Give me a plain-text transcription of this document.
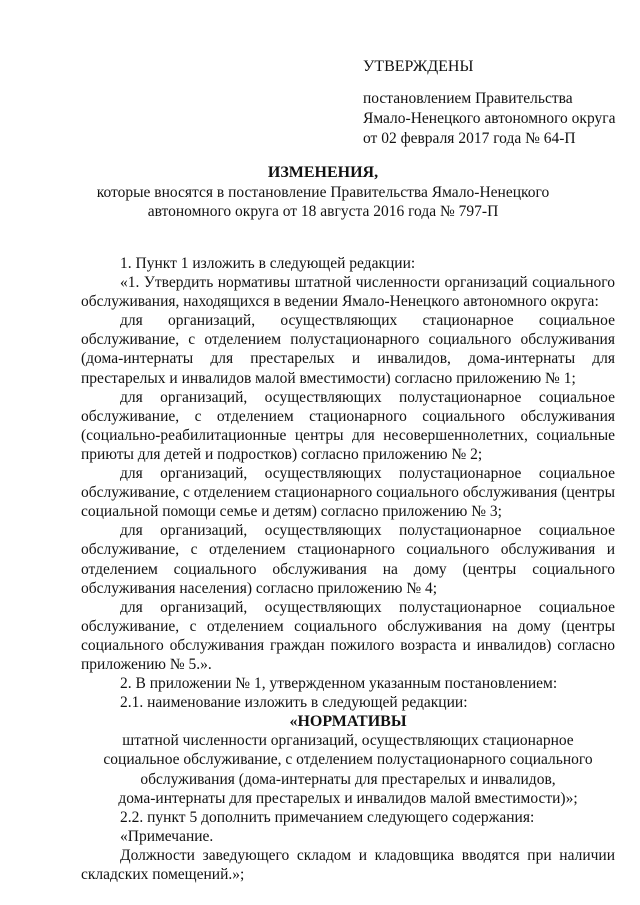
УТВЕРЖДЕНЫ
постановлением Правительства
Ямало-Ненецкого автономного округа
от 02 февраля 2017 года № 64-П
ИЗМЕНЕНИЯ,
которые вносятся в постановление Правительства Ямало-Ненецкого
автономного округа от 18 августа 2016 года № 797-П
1. Пункт 1 изложить в следующей редакции:
«1. Утвердить нормативы штатной численности организаций социального обслуживания, находящихся в ведении Ямало-Ненецкого автономного округа:
для организаций, осуществляющих стационарное социальное обслуживание, с отделением полустационарного социального обслуживания (дома-интернаты для престарелых и инвалидов, дома-интернаты для престарелых и инвалидов малой вместимости) согласно приложению № 1;
для организаций, осуществляющих полустационарное социальное обслуживание, с отделением стационарного социального обслуживания (социально-реабилитационные центры для несовершеннолетних, социальные приюты для детей и подростков) согласно приложению № 2;
для организаций, осуществляющих полустационарное социальное обслуживание, с отделением стационарного социального обслуживания (центры социальной помощи семье и детям) согласно приложению № 3;
для организаций, осуществляющих полустационарное социальное обслуживание, с отделением стационарного социального обслуживания и отделением социального обслуживания на дому (центры социального обслуживания населения) согласно приложению № 4;
для организаций, осуществляющих полустационарное социальное обслуживание, с отделением социального обслуживания на дому (центры социального обслуживания граждан пожилого возраста и инвалидов) согласно приложению № 5.».
2. В приложении № 1, утвержденном указанным постановлением:
2.1. наименование изложить в следующей редакции:
«НОРМАТИВЫ
штатной численности организаций, осуществляющих стационарное
социальное обслуживание, с отделением полустационарного социального
обслуживания (дома-интернаты для престарелых и инвалидов,
дома-интернаты для престарелых и инвалидов малой вместимости)»;
2.2. пункт 5 дополнить примечанием следующего содержания:
«Примечание.
Должности заведующего складом и кладовщика вводятся при наличии складских помещений.»;
